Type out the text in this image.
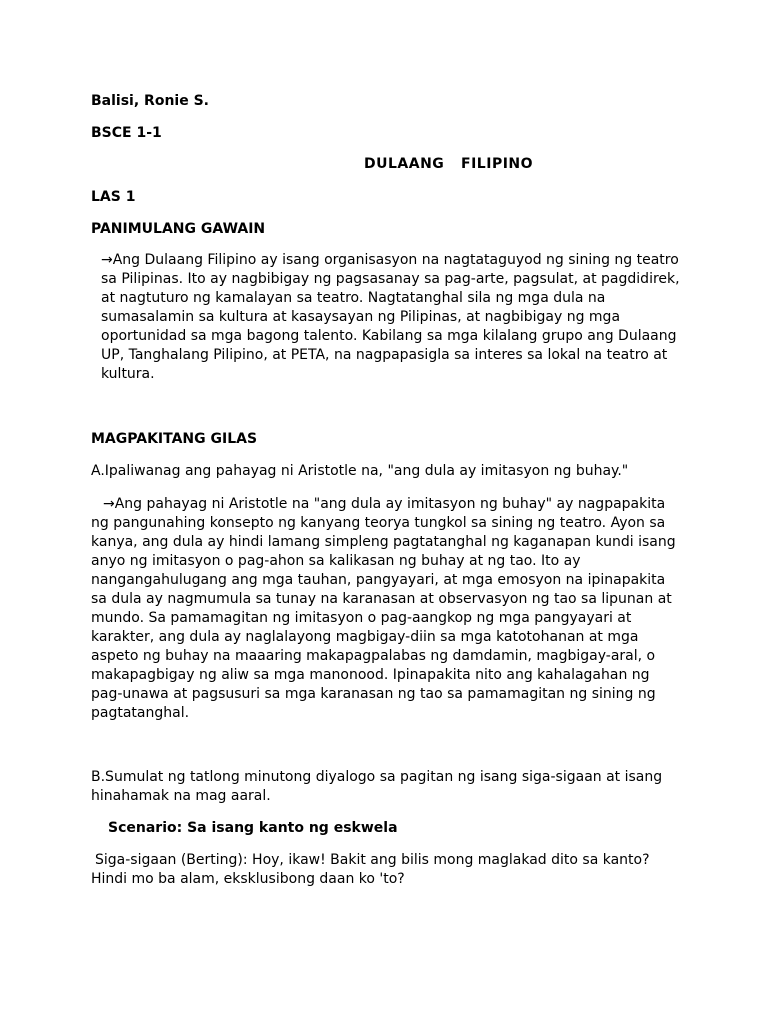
Balisi, Ronie S.

BSCE 1-1

DULAANG  FILIPINO

LAS 1

PANIMULANG GAWAIN

→Ang Dulaang Filipino ay isang organisasyon na nagtataguyod ng sining ng teatro sa Pilipinas. Ito ay nagbibigay ng pagsasanay sa pag-arte, pagsulat, at pagdidirek, at nagtuturo ng kamalayan sa teatro. Nagtatanghal sila ng mga dula na sumasalamin sa kultura at kasaysayan ng Pilipinas, at nagbibigay ng mga oportunidad sa mga bagong talento. Kabilang sa mga kilalang grupo ang Dulaang UP, Tanghalang Pilipino, at PETA, na nagpapasigla sa interes sa lokal na teatro at kultura.

MAGPAKITANG GILAS

A.Ipaliwanag ang pahayag ni Aristotle na, "ang dula ay imitasyon ng buhay."

→Ang pahayag ni Aristotle na "ang dula ay imitasyon ng buhay" ay nagpapakita ng pangunahing konsepto ng kanyang teorya tungkol sa sining ng teatro. Ayon sa kanya, ang dula ay hindi lamang simpleng pagtatanghal ng kaganapan kundi isang anyo ng imitasyon o pag-ahon sa kalikasan ng buhay at ng tao. Ito ay nangangahulugang ang mga tauhan, pangyayari, at mga emosyon na ipinapakita sa dula ay nagmumula sa tunay na karanasan at observasyon ng tao sa lipunan at mundo. Sa pamamagitan ng imitasyon o pag-aangkop ng mga pangyayari at karakter, ang dula ay naglalayong magbigay-diin sa mga katotohanan at mga aspeto ng buhay na maaaring makapagpalabas ng damdamin, magbigay-aral, o makapagbigay ng aliw sa mga manonood. Ipinapakita nito ang kahalagahan ng pag-unawa at pagsusuri sa mga karanasan ng tao sa pamamagitan ng sining ng pagtatanghal.

B.Sumulat ng tatlong minutong diyalogo sa pagitan ng isang siga-sigaan at isang hinahamak na mag aaral.

Scenario: Sa isang kanto ng eskwela

Siga-sigaan (Berting): Hoy, ikaw! Bakit ang bilis mong maglakad dito sa kanto? Hindi mo ba alam, eksklusibong daan ko 'to?
